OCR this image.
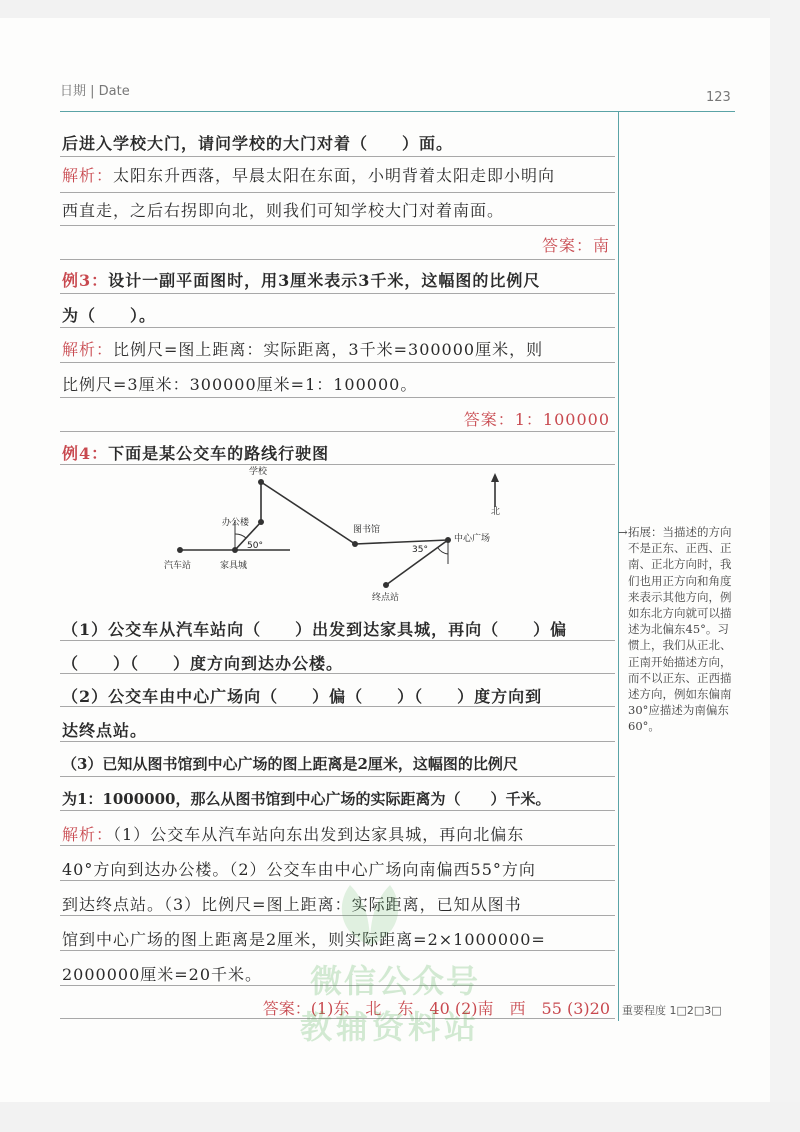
日期 | Date	123
后进入学校大门，请问学校的大门对着（　　）面。
解析：太阳东升西落，早晨太阳在东面，小明背着太阳走即小明向
西直走，之后右拐即向北，则我们可知学校大门对着南面。
答案：南
例3：设计一副平面图时，用3厘米表示3千米，这幅图的比例尺
为（　　）。
解析：比例尺=图上距离：实际距离，3千米=300000厘米，则
比例尺=3厘米：300000厘米=1：100000。
答案：1：100000
例4：下面是某公交车的路线行驶图
学校
办公楼
图书馆
中心广场
汽车站	家具城
终点站
北
50°	35°
（1）公交车从汽车站向（　　）出发到达家具城，再向（　　）偏
（　　）（　　）度方向到达办公楼。
（2）公交车由中心广场向（　　）偏（　　）（　　）度方向到
达终点站。
（3）已知从图书馆到中心广场的图上距离是2厘米，这幅图的比例尺
为1：1000000，那么从图书馆到中心广场的实际距离为（　　）千米。
解析：（1）公交车从汽车站向东出发到达家具城，再向北偏东
40°方向到达办公楼。（2）公交车由中心广场向南偏西55°方向
到达终点站。（3）比例尺=图上距离：实际距离，已知从图书
馆到中心广场的图上距离是2厘米，则实际距离=2×1000000=
2000000厘米=20千米。
答案：(1)东　北　东　40 (2)南　西　55 (3)20
→ 拓展：当描述的方向不是正东、正西、正南、正北方向时，我们也用正方向和角度来表示其他方向，例如东北方向就可以描述为北偏东45°。习惯上，我们从正北、正南开始描述方向，而不以正东、正西描述方向，例如东偏南30°应描述为南偏东60°。
重要程度 1□2□3□
微信公众号
教辅资料站
